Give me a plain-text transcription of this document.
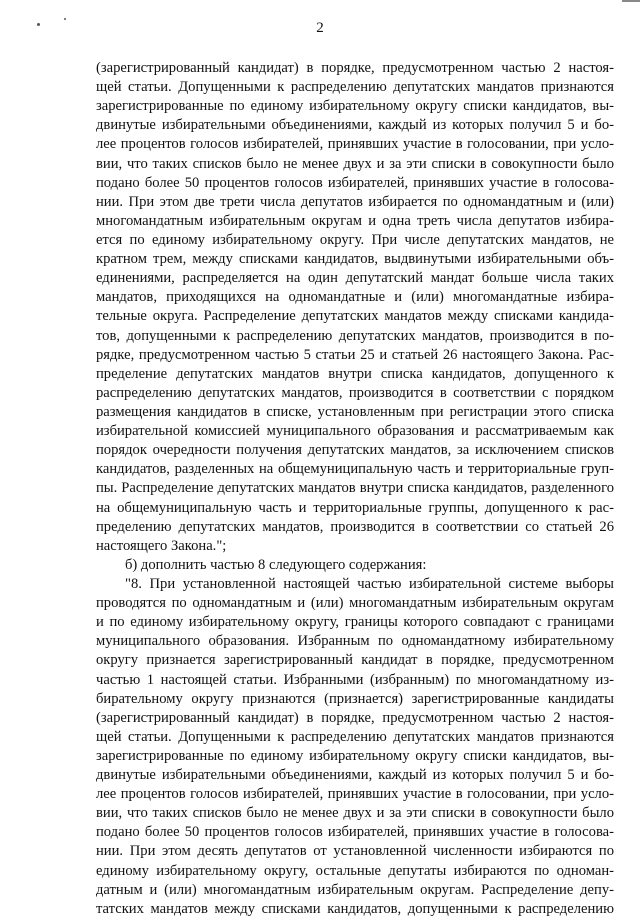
2
(зарегистрированный кандидат) в порядке, предусмотренном частью 2 настоя-
щей статьи. Допущенными к распределению депутатских мандатов признаются
зарегистрированные по единому избирательному округу списки кандидатов, вы-
двинутые избирательными объединениями, каждый из которых получил 5 и бо-
лее процентов голосов избирателей, принявших участие в голосовании, при усло-
вии, что таких списков было не менее двух и за эти списки в совокупности было
подано более 50 процентов голосов избирателей, принявших участие в голосова-
нии. При этом две трети числа депутатов избирается по одномандатным и (или)
многомандатным избирательным округам и одна треть числа депутатов избира-
ется по единому избирательному округу. При числе депутатских мандатов, не
кратном трем, между списками кандидатов, выдвинутыми избирательными объ-
единениями, распределяется на один депутатский мандат больше числа таких
мандатов, приходящихся на одномандатные и (или) многомандатные избира-
тельные округа. Распределение депутатских мандатов между списками кандида-
тов, допущенными к распределению депутатских мандатов, производится в по-
рядке, предусмотренном частью 5 статьи 25 и статьей 26 настоящего Закона. Рас-
пределение депутатских мандатов внутри списка кандидатов, допущенного к
распределению депутатских мандатов, производится в соответствии с порядком
размещения кандидатов в списке, установленным при регистрации этого списка
избирательной комиссией муниципального образования и рассматриваемым как
порядок очередности получения депутатских мандатов, за исключением списков
кандидатов, разделенных на общемуниципальную часть и территориальные груп-
пы. Распределение депутатских мандатов внутри списка кандидатов, разделенного
на общемуниципальную часть и территориальные группы, допущенного к рас-
пределению депутатских мандатов, производится в соответствии со статьей 26
настоящего Закона.";
б) дополнить частью 8 следующего содержания:
"8. При установленной настоящей частью избирательной системе выборы
проводятся по одномандатным и (или) многомандатным избирательным округам
и по единому избирательному округу, границы которого совпадают с границами
муниципального образования. Избранным по одномандатному избирательному
округу признается зарегистрированный кандидат в порядке, предусмотренном
частью 1 настоящей статьи. Избранными (избранным) по многомандатному из-
бирательному округу признаются (признается) зарегистрированные кандидаты
(зарегистрированный кандидат) в порядке, предусмотренном частью 2 настоя-
щей статьи. Допущенными к распределению депутатских мандатов признаются
зарегистрированные по единому избирательному округу списки кандидатов, вы-
двинутые избирательными объединениями, каждый из которых получил 5 и бо-
лее процентов голосов избирателей, принявших участие в голосовании, при усло-
вии, что таких списков было не менее двух и за эти списки в совокупности было
подано более 50 процентов голосов избирателей, принявших участие в голосова-
нии. При этом десять депутатов от установленной численности избираются по
единому избирательному округу, остальные депутаты избираются по одноман-
датным и (или) многомандатным избирательным округам. Распределение депу-
татских мандатов между списками кандидатов, допущенными к распределению
